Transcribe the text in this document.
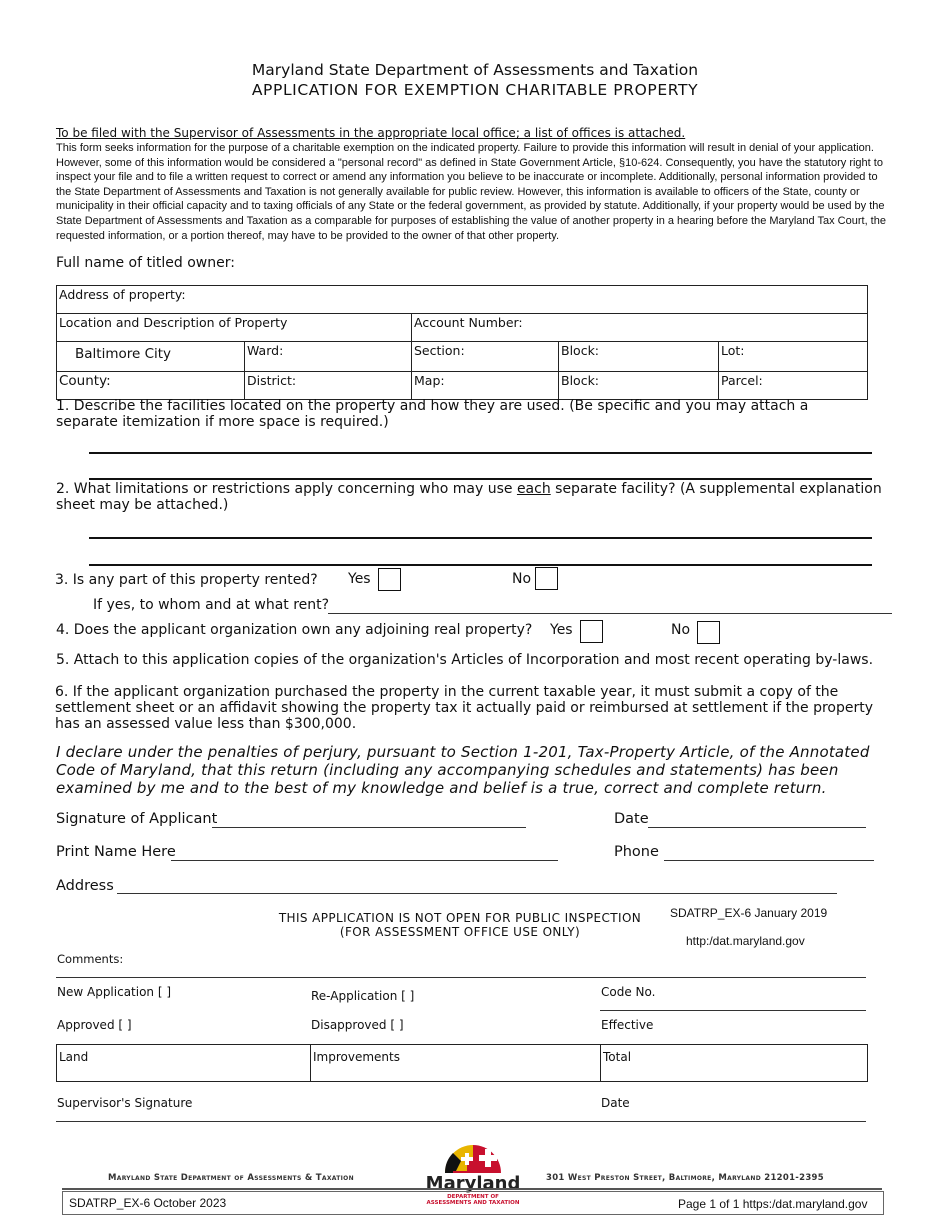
Maryland State Department of Assessments and Taxation
APPLICATION FOR EXEMPTION CHARITABLE PROPERTY
To be filed with the Supervisor of Assessments in the appropriate local office; a list of offices is attached.
This form seeks information for the purpose of a charitable exemption on the indicated property. Failure to provide this information will result in denial of your application. However, some of this information would be considered a "personal record" as defined in State Government Article, §10-624. Consequently, you have the statutory right to inspect your file and to file a written request to correct or amend any information you believe to be inaccurate or incomplete. Additionally, personal information provided to the State Department of Assessments and Taxation is not generally available for public review. However, this information is available to officers of the State, county or municipality in their official capacity and to taxing officials of any State or the federal government, as provided by statute. Additionally, if your property would be used by the State Department of Assessments and Taxation as a comparable for purposes of establishing the value of another property in a hearing before the Maryland Tax Court, the requested information, or a portion thereof, may have to be provided to the owner of that other property.
Full name of titled owner:
Address of property:				
Location and Description of Property		Account Number:		
Baltimore City	Ward:	Section:	Block:	Lot:
County:	District:	Map:	Block:	Parcel:
1. Describe the facilities located on the property and how they are used. (Be specific and you may attach a separate itemization if more space is required.)
2. What limitations or restrictions apply concerning who may use each separate facility? (A supplemental explanation sheet may be attached.)
3. Is any part of this property rented? Yes	No
If yes, to whom and at what rent?
4. Does the applicant organization own any adjoining real property? Yes	No
5. Attach to this application copies of the organization's Articles of Incorporation and most recent operating by-laws.
6. If the applicant organization purchased the property in the current taxable year, it must submit a copy of the settlement sheet or an affidavit showing the property tax it actually paid or reimbursed at settlement if the property has an assessed value less than $300,000.
I declare under the penalties of perjury, pursuant to Section 1-201, Tax-Property Article, of the Annotated Code of Maryland, that this return (including any accompanying schedules and statements) has been examined by me and to the best of my knowledge and belief is a true, correct and complete return.
Signature of Applicant	Date
Print Name Here	Phone
Address
THIS APPLICATION IS NOT OPEN FOR PUBLIC INSPECTION
(FOR ASSESSMENT OFFICE USE ONLY)
SDATRP_EX-6 January 2019
http:/dat.maryland.gov
Comments:
New Application [ ]	Re-Application [ ]	Code No.
Approved [ ]	Disapproved [ ]	Effective
Land	Improvements	Total
Supervisor's Signature	Date
Maryland State Department of Assessments & Taxation	301 West Preston Street, Baltimore, Maryland 21201-2395
Maryland
DEPARTMENT OF
ASSESSMENTS AND TAXATION
SDATRP_EX-6 October 2023	Page 1 of 1 https:/dat.maryland.gov
